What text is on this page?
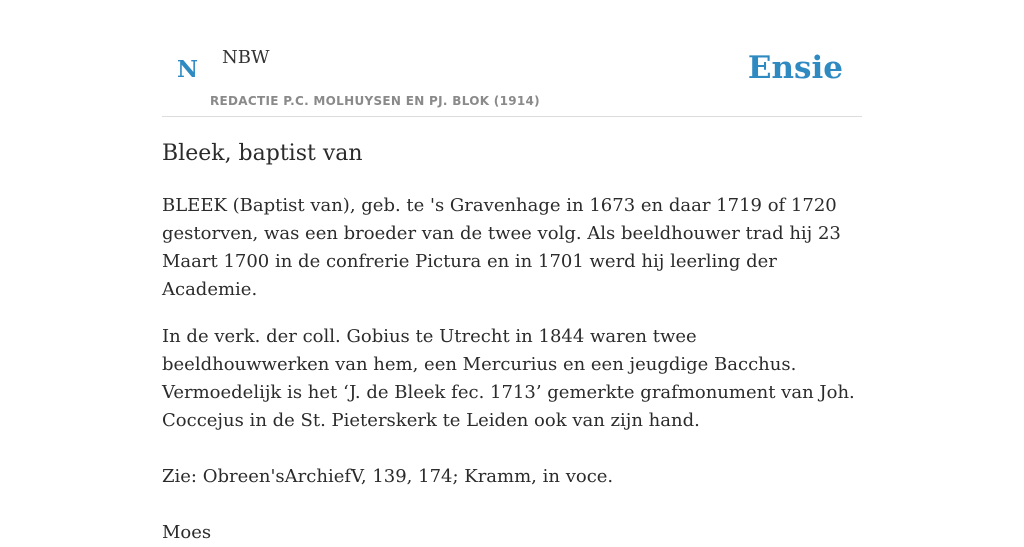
N NBW
REDACTIE P.C. MOLHUYSEN EN PJ. BLOK (1914)
Ensie
Bleek, baptist van

BLEEK (Baptist van), geb. te 's Gravenhage in 1673 en daar 1719 of 1720 gestorven, was een broeder van de twee volg. Als beeldhouwer trad hij 23 Maart 1700 in de confrerie Pictura en in 1701 werd hij leerling der Academie.

In de verk. der coll. Gobius te Utrecht in 1844 waren twee beeldhouwwerken van hem, een Mercurius en een jeugdige Bacchus. Vermoedelijk is het ‘J. de Bleek fec. 1713’ gemerkte grafmonument van Joh. Coccejus in de St. Pieterskerk te Leiden ook van zijn hand.

Zie: Obreen'sArchiefV, 139, 174; Kramm, in voce.

Moes
